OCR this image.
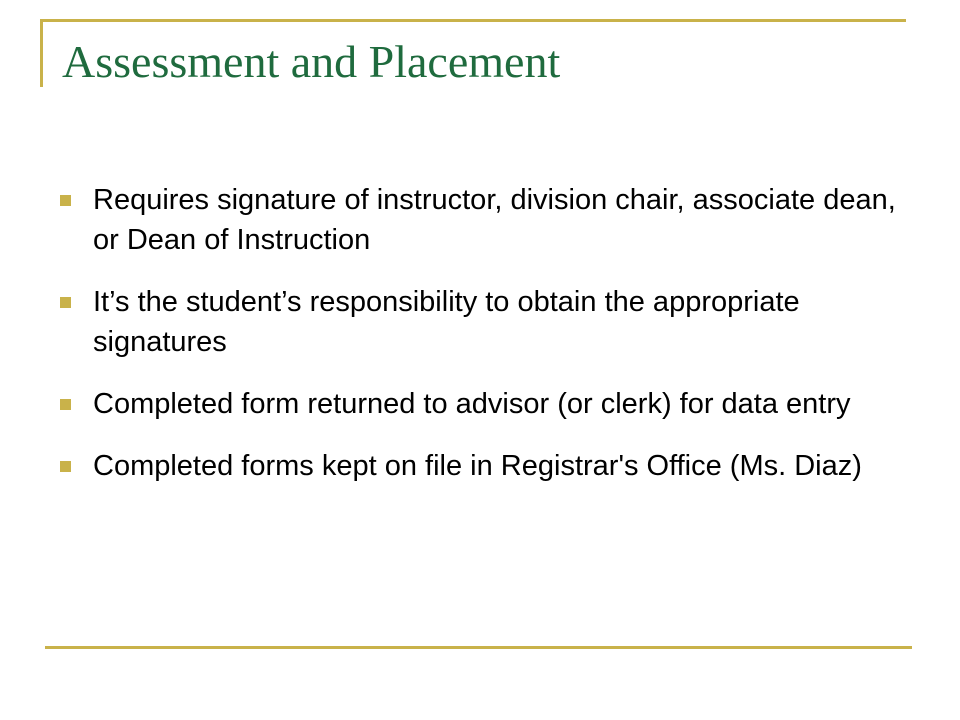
Assessment and Placement
Requires signature of instructor, division chair, associate dean, or Dean of Instruction
It’s the student’s responsibility to obtain the appropriate signatures
Completed form returned to advisor (or clerk) for data entry
Completed forms kept on file in Registrar's Office (Ms. Diaz)
